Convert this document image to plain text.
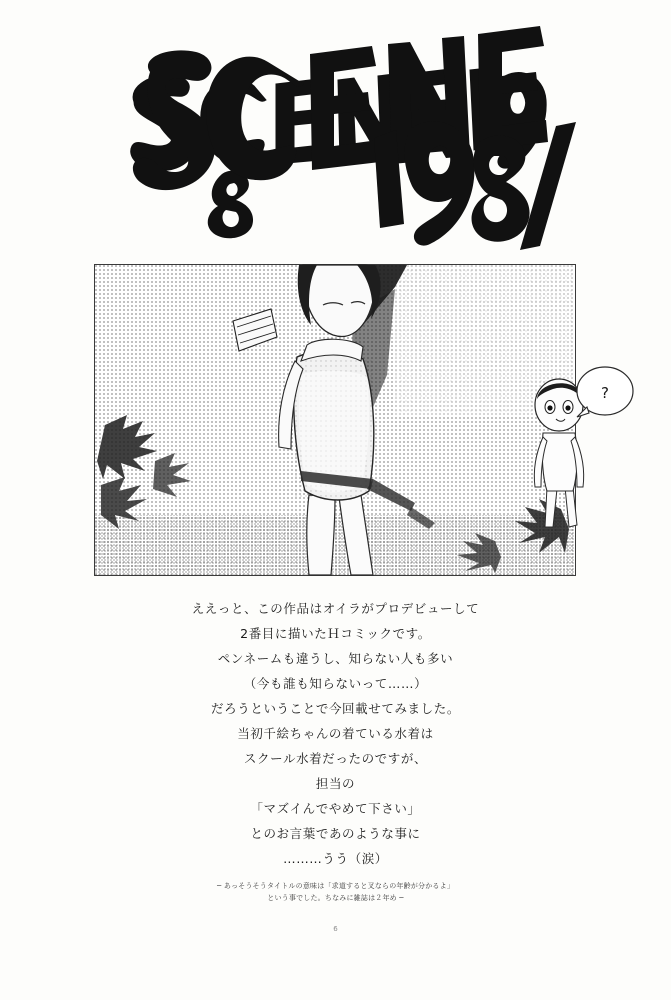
?
ええっと、この作品はオイラがプロデビューして
2番目に描いたＨコミックです。
ペンネームも違うし、知らない人も多い
（今も誰も知らないって……）
だろうということで今回載せてみました。
当初千絵ちゃんの着ている水着は
スクール水着だったのですが、
担当の
「マズイんでやめて下さい」
とのお言葉であのような事に
………うう（涙）
─ あっそうそうタイトルの意味は「求道すると叉ならの年齢が分かるよ」
という事でした。ちなみに雑誌は２年め ─
6
